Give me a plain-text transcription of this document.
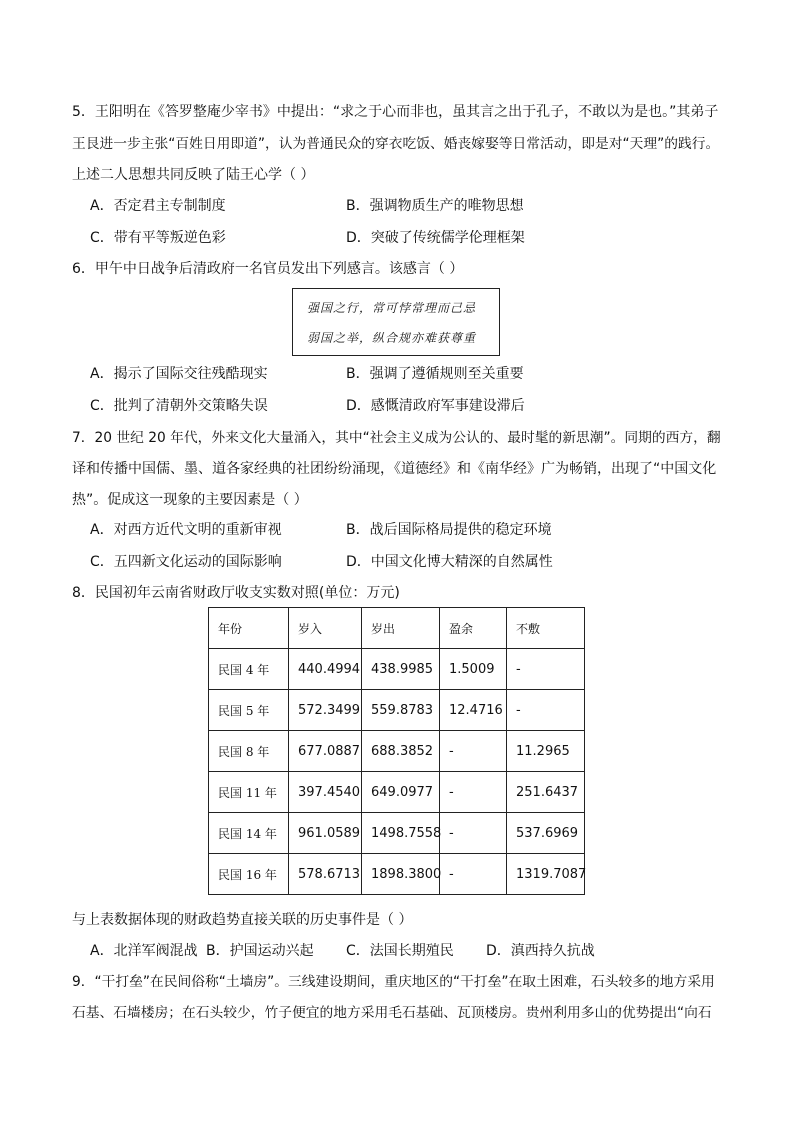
5．王阳明在《答罗整庵少宰书》中提出：“求之于心而非也，虽其言之出于孔子，不敢以为是也。”其弟子
王艮进一步主张“百姓日用即道”，认为普通民众的穿衣吃饭、婚丧嫁娶等日常活动，即是对“天理”的践行。
上述二人思想共同反映了陆王心学（ ）
A．否定君主专制制度	B．强调物质生产的唯物思想
C．带有平等叛逆色彩	D．突破了传统儒学伦理框架
6．甲午中日战争后清政府一名官员发出下列感言。该感言（ ）
强国之行，常可悖常理而己忌
弱国之举，纵合规亦难获尊重
A．揭示了国际交往残酷现实	B．强调了遵循规则至关重要
C．批判了清朝外交策略失误	D．感慨清政府军事建设滞后
7．20 世纪 20 年代，外来文化大量涌入，其中“社会主义成为公认的、最时髦的新思潮”。同期的西方，翻
译和传播中国儒、墨、道各家经典的社团纷纷涌现，《道德经》和《南华经》广为畅销，出现了“中国文化
热”。促成这一现象的主要因素是（ ）
A．对西方近代文明的重新审视	B．战后国际格局提供的稳定环境
C．五四新文化运动的国际影响	D．中国文化博大精深的自然属性
8．民国初年云南省财政厅收支实数对照(单位：万元)
年份	岁入	岁出	盈余	不敷
民国 4 年	440.4994	438.9985	1.5009	-
民国 5 年	572.3499	559.8783	12.4716	-
民国 8 年	677.0887	688.3852	-	11.2965
民国 11 年	397.4540	649.0977	-	251.6437
民国 14 年	961.0589	1498.7558	-	537.6969
民国 16 年	578.6713	1898.3800	-	1319.7087
与上表数据体现的财政趋势直接关联的历史事件是（ ）
A．北洋军阀混战 B．护国运动兴起 C．法国长期殖民 D．滇西持久抗战
9．“干打垒”在民间俗称“土墙房”。三线建设期间，重庆地区的“干打垒”在取土困难，石头较多的地方采用
石基、石墙楼房；在石头较少，竹子便宜的地方采用毛石基础、瓦顶楼房。贵州利用多山的优势提出“向石
